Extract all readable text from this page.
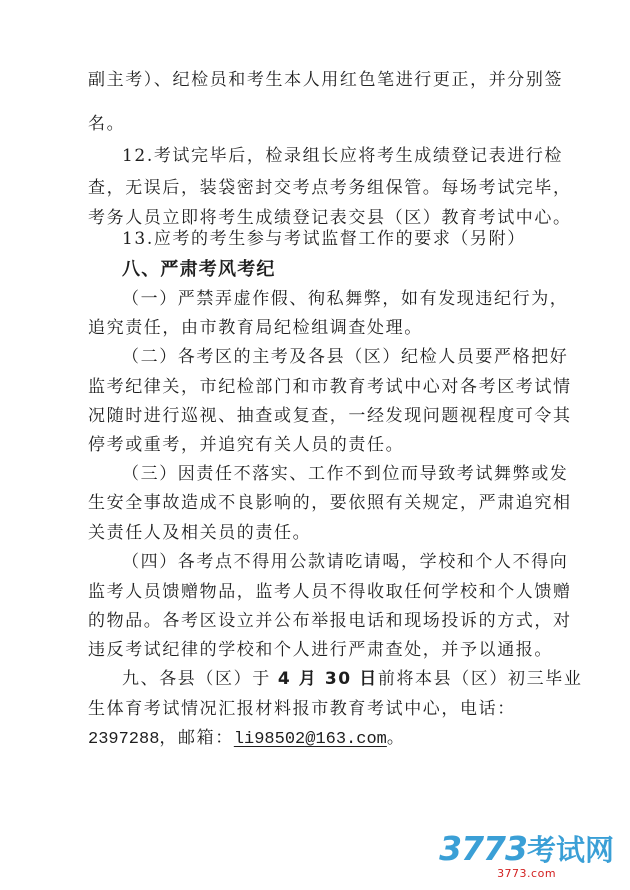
副主考）、纪检员和考生本人用红色笔进行更正，并分别签
名。
12.考试完毕后，检录组长应将考生成绩登记表进行检
查，无误后，装袋密封交考点考务组保管。每场考试完毕，
考务人员立即将考生成绩登记表交县（区）教育考试中心。
13.应考的考生参与考试监督工作的要求（另附）
八、严肃考风考纪
（一）严禁弄虚作假、徇私舞弊，如有发现违纪行为，
追究责任，由市教育局纪检组调查处理。
（二）各考区的主考及各县（区）纪检人员要严格把好
监考纪律关，市纪检部门和市教育考试中心对各考区考试情
况随时进行巡视、抽查或复查，一经发现问题视程度可令其
停考或重考，并追究有关人员的责任。
（三）因责任不落实、工作不到位而导致考试舞弊或发
生安全事故造成不良影响的，要依照有关规定，严肃追究相
关责任人及相关员的责任。
（四）各考点不得用公款请吃请喝，学校和个人不得向
监考人员馈赠物品，监考人员不得收取任何学校和个人馈赠
的物品。各考区设立并公布举报电话和现场投诉的方式，对
违反考试纪律的学校和个人进行严肃查处，并予以通报。
九、各县（区）于 4 月 30 日前将本县（区）初三毕业
生体育考试情况汇报材料报市教育考试中心，电话：
2397288，邮箱：li98502@163.com。
3773考试网
3773.com
